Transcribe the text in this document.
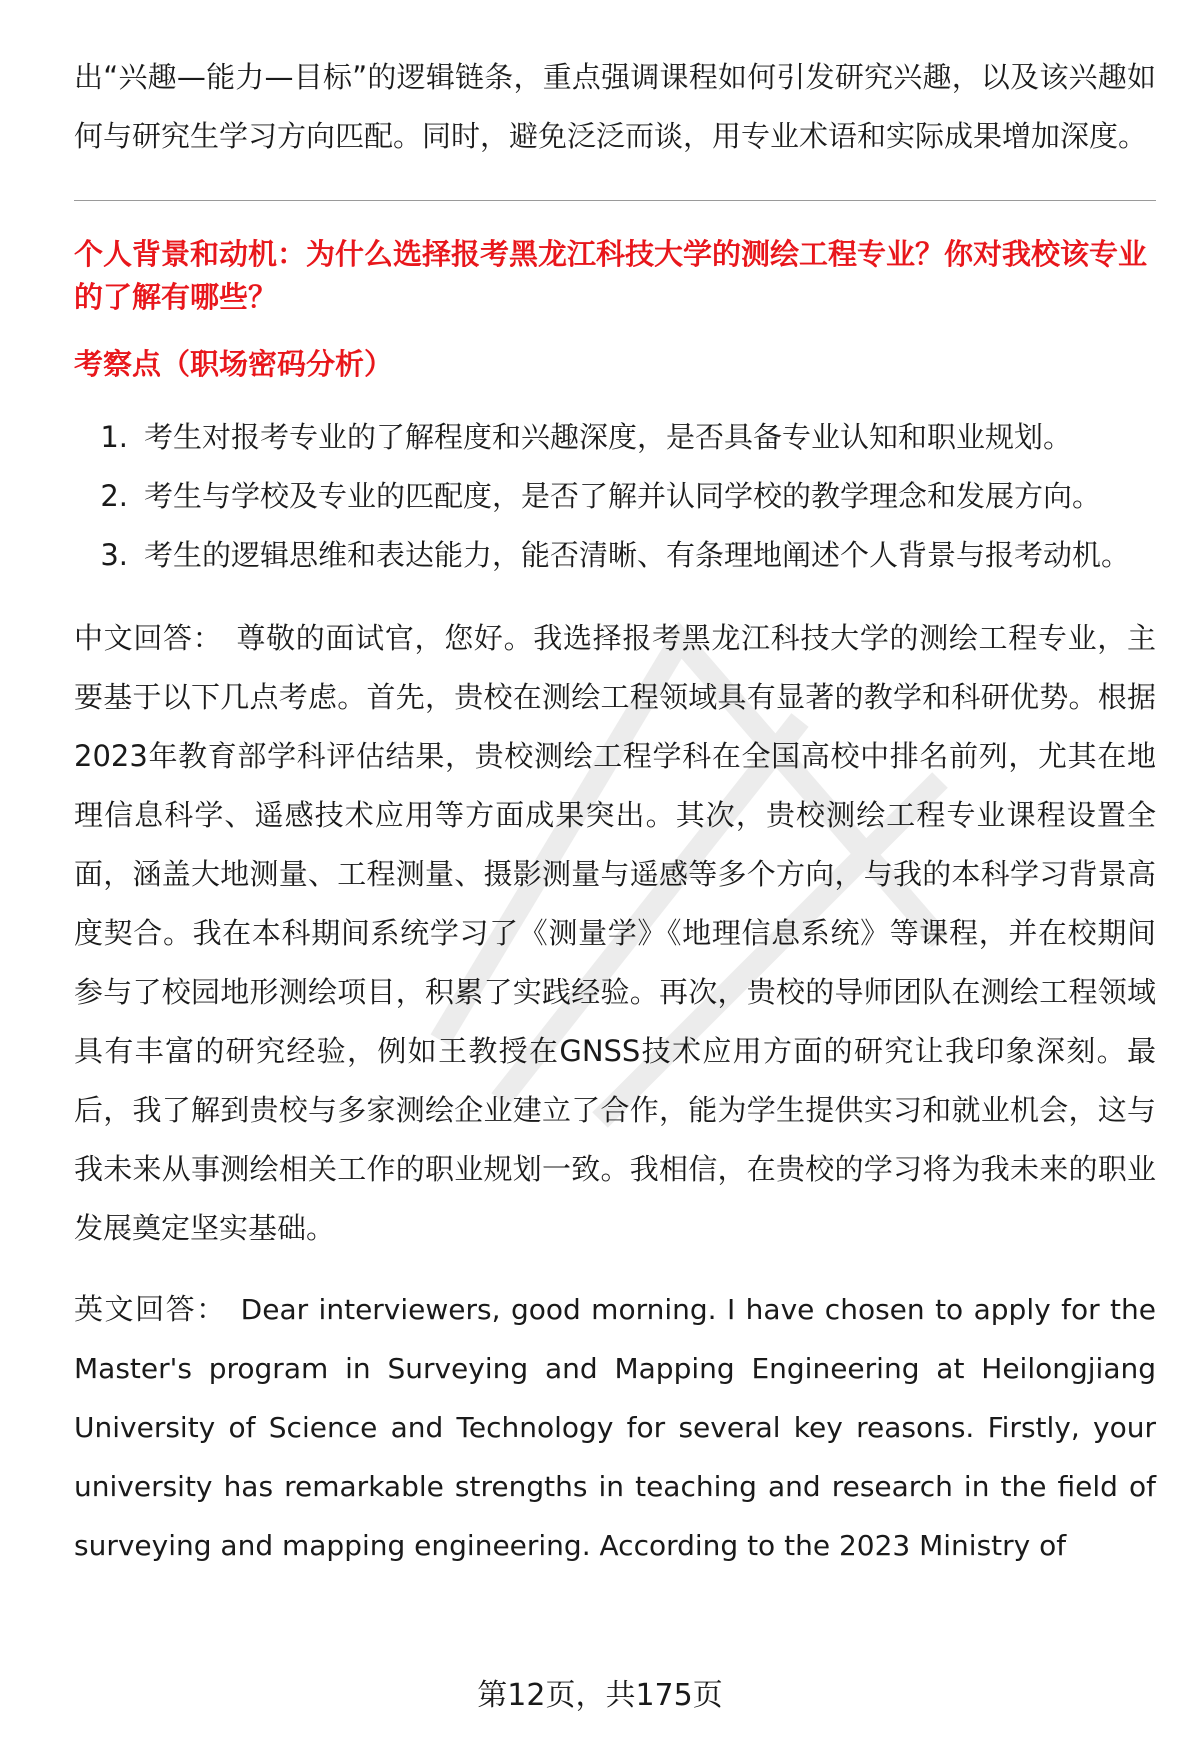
出“兴趣—能力—目标”的逻辑链条，重点强调课程如何引发研究兴趣，以及该兴趣如何与研究生学习方向匹配。同时，避免泛泛而谈，用专业术语和实际成果增加深度。

个人背景和动机：为什么选择报考黑龙江科技大学的测绘工程专业？你对我校该专业的了解有哪些？

考察点（职场密码分析）

1. 考生对报考专业的了解程度和兴趣深度，是否具备专业认知和职业规划。
2. 考生与学校及专业的匹配度，是否了解并认同学校的教学理念和发展方向。
3. 考生的逻辑思维和表达能力，能否清晰、有条理地阐述个人背景与报考动机。

中文回答： 尊敬的面试官，您好。我选择报考黑龙江科技大学的测绘工程专业，主要基于以下几点考虑。首先，贵校在测绘工程领域具有显著的教学和科研优势。根据2023年教育部学科评估结果，贵校测绘工程学科在全国高校中排名前列，尤其在地理信息科学、遥感技术应用等方面成果突出。其次，贵校测绘工程专业课程设置全面，涵盖大地测量、工程测量、摄影测量与遥感等多个方向，与我的本科学习背景高度契合。我在本科期间系统学习了《测量学》《地理信息系统》等课程，并在校期间参与了校园地形测绘项目，积累了实践经验。再次，贵校的导师团队在测绘工程领域具有丰富的研究经验，例如王教授在GNSS技术应用方面的研究让我印象深刻。最后，我了解到贵校与多家测绘企业建立了合作，能为学生提供实习和就业机会，这与我未来从事测绘相关工作的职业规划一致。我相信，在贵校的学习将为我未来的职业发展奠定坚实基础。

英文回答： Dear interviewers, good morning. I have chosen to apply for the Master's program in Surveying and Mapping Engineering at Heilongjiang University of Science and Technology for several key reasons. Firstly, your university has remarkable strengths in teaching and research in the field of surveying and mapping engineering. According to the 2023 Ministry of

第12页，共175页
